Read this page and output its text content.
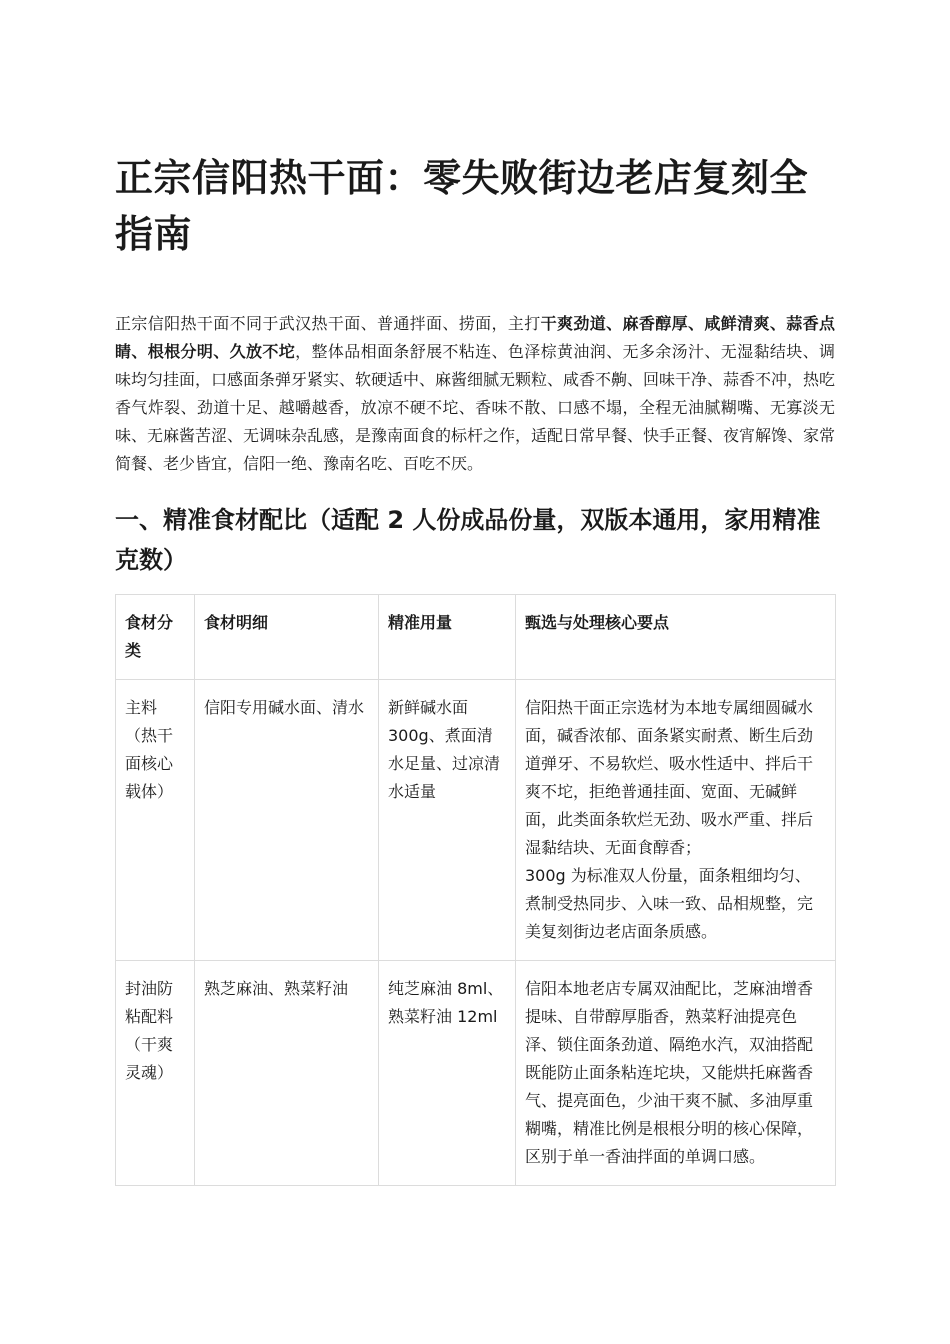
正宗信阳热干面：零失败街边老店复刻全指南

正宗信阳热干面不同于武汉热干面、普通拌面、捞面，主打干爽劲道、麻香醇厚、咸鲜清爽、蒜香点睛、根根分明、久放不坨，整体品相面条舒展不粘连、色泽棕黄油润、无多余汤汁、无湿黏结块、调味均匀挂面，口感面条弹牙紧实、软硬适中、麻酱细腻无颗粒、咸香不齁、回味干净、蒜香不冲，热吃香气炸裂、劲道十足、越嚼越香，放凉不硬不坨、香味不散、口感不塌，全程无油腻糊嘴、无寡淡无味、无麻酱苦涩、无调味杂乱感，是豫南面食的标杆之作，适配日常早餐、快手正餐、夜宵解馋、家常简餐、老少皆宜，信阳一绝、豫南名吃、百吃不厌。

一、精准食材配比（适配 2 人份成品份量，双版本通用，家用精准克数）
食材分类	食材明细	精准用量	甄选与处理核心要点
主料（热干面核心载体）	信阳专用碱水面、清水	新鲜碱水面 300g、煮面清水足量、过凉清水适量	信阳热干面正宗选材为本地专属细圆碱水面，碱香浓郁、面条紧实耐煮、断生后劲道弹牙、不易软烂、吸水性适中、拌后干爽不坨，拒绝普通挂面、宽面、无碱鲜面，此类面条软烂无劲、吸水严重、拌后湿黏结块、无面食醇香；
300g 为标准双人份量，面条粗细均匀、煮制受热同步、入味一致、品相规整，完美复刻街边老店面条质感。
封油防粘配料（干爽灵魂）	熟芝麻油、熟菜籽油	纯芝麻油 8ml、熟菜籽油 12ml	信阳本地老店专属双油配比，芝麻油增香提味、自带醇厚脂香，熟菜籽油提亮色泽、锁住面条劲道、隔绝水汽，双油搭配既能防止面条粘连坨块，又能烘托麻酱香气、提亮面色，少油干爽不腻、多油厚重糊嘴，精准比例是根根分明的核心保障，区别于单一香油拌面的单调口感。
